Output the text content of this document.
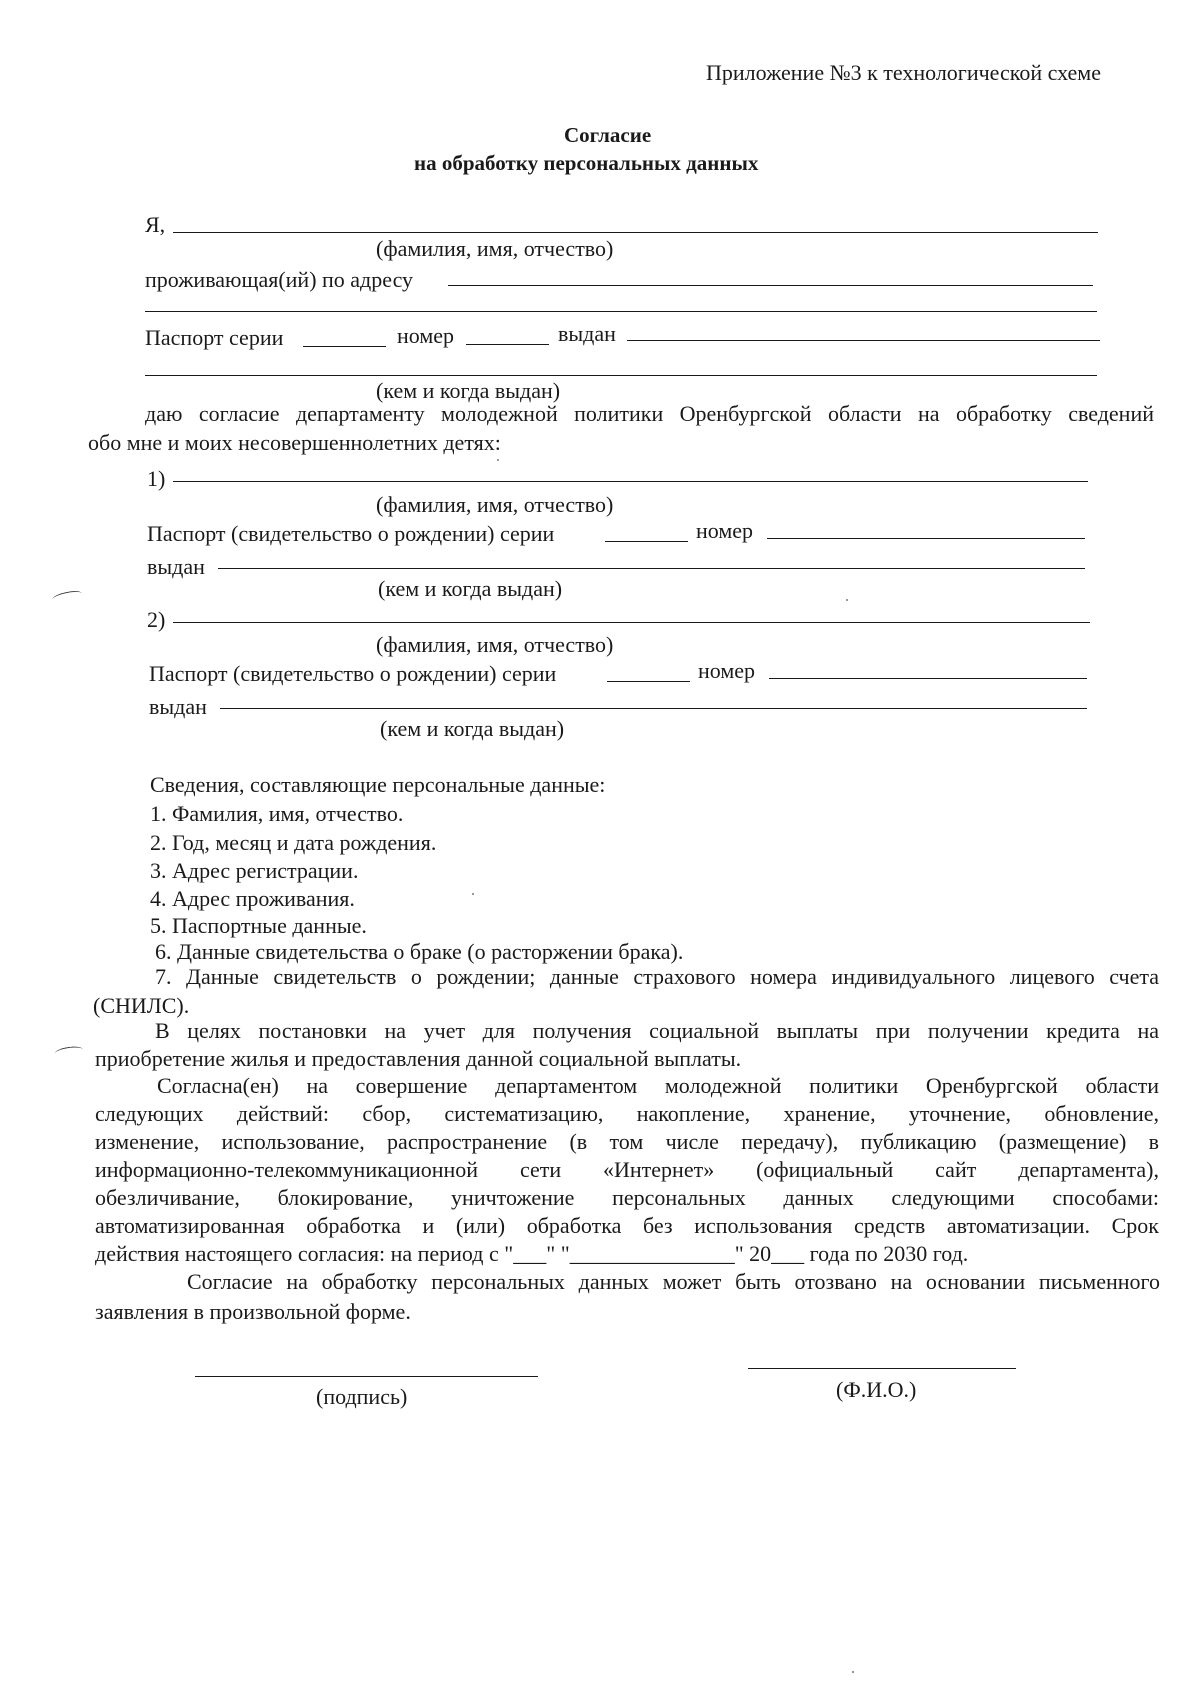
Приложение №3 к технологической схеме
Согласие
на обработку персональных данных
Я,
(фамилия, имя, отчество)
проживающая(ий) по адресу
Паспорт серии	номер	выдан
(кем и когда выдан)
даю согласие департаменту молодежной политики Оренбургской области на обработку сведений
обо мне и моих несовершеннолетних детях:
1)
(фамилия, имя, отчество)
Паспорт (свидетельство о рождении) серии	номер
выдан
(кем и когда выдан)
2)
(фамилия, имя, отчество)
Паспорт (свидетельство о рождении) серии	номер
выдан
(кем и когда выдан)
Сведения, составляющие персональные данные:
1. Фамилия, имя, отчество.
2. Год, месяц и дата рождения.
3. Адрес регистрации.
4. Адрес проживания.
5. Паспортные данные.
6. Данные свидетельства о браке (о расторжении брака).
7. Данные свидетельств о рождении; данные страхового номера индивидуального лицевого счета
(СНИЛС).
В целях постановки на учет для получения социальной выплаты при получении кредита на
приобретение жилья и предоставления данной социальной выплаты.
Согласна(ен) на совершение департаментом молодежной политики Оренбургской области
следующих действий: сбор, систематизацию, накопление, хранение, уточнение, обновление,
изменение, использование, распространение (в том числе передачу), публикацию (размещение) в
информационно-телекоммуникационной сети «Интернет» (официальный сайт департамента),
обезличивание, блокирование, уничтожение персональных данных следующими способами:
автоматизированная обработка и (или) обработка без использования средств автоматизации. Срок
действия настоящего согласия: на период с "___" "_______________" 20___ года по 2030 год.
Согласие на обработку персональных данных может быть отозвано на основании письменного
заявления в произвольной форме.
(подпись)	(Ф.И.О.)
